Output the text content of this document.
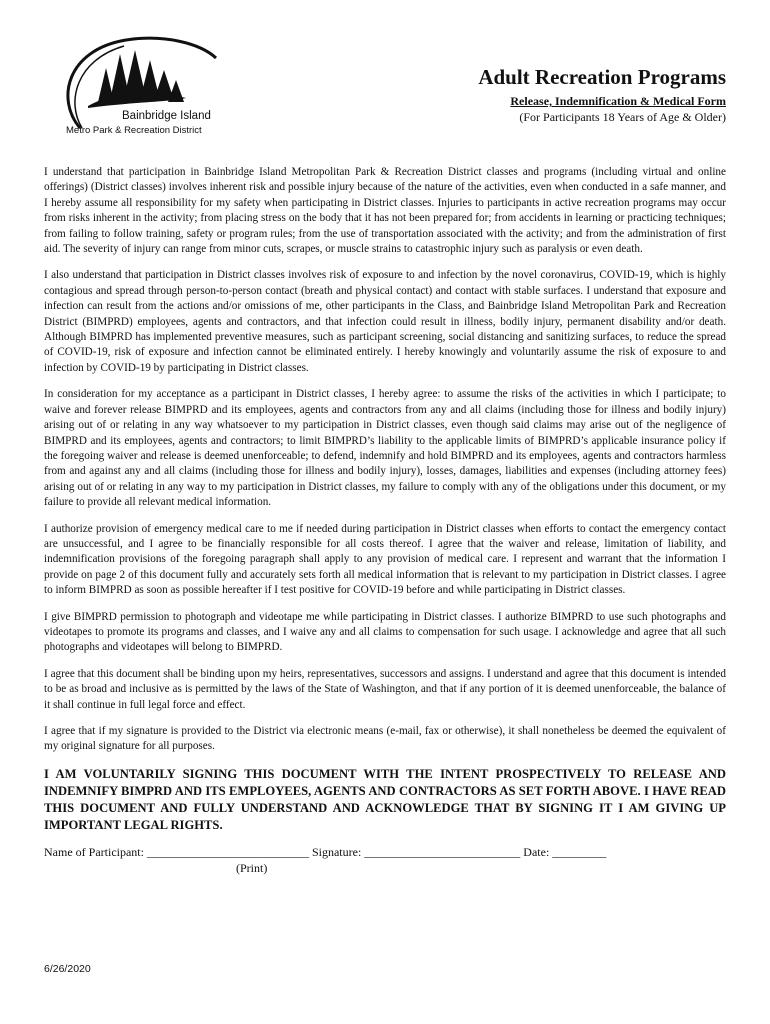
Bainbridge Island
Metro Park & Recreation District
Adult Recreation Programs
Release, Indemnification & Medical Form
(For Participants 18 Years of Age & Older)

I understand that participation in Bainbridge Island Metropolitan Park & Recreation District classes and programs (including virtual and online offerings) (District classes) involves inherent risk and possible injury because of the nature of the activities, even when conducted in a safe manner, and I hereby assume all responsibility for my safety when participating in District classes. Injuries to participants in active recreation programs may occur from risks inherent in the activity; from placing stress on the body that it has not been prepared for; from accidents in learning or practicing techniques; from failing to follow training, safety or program rules; from the use of transportation associated with the activity; and from the administration of first aid. The severity of injury can range from minor cuts, scrapes, or muscle strains to catastrophic injury such as paralysis or even death.

I also understand that participation in District classes involves risk of exposure to and infection by the novel coronavirus, COVID-19, which is highly contagious and spread through person-to-person contact (breath and physical contact) and contact with stable surfaces. I understand that exposure and infection can result from the actions and/or omissions of me, other participants in the Class, and Bainbridge Island Metropolitan Park and Recreation District (BIMPRD) employees, agents and contractors, and that infection could result in illness, bodily injury, permanent disability and/or death. Although BIMPRD has implemented preventive measures, such as participant screening, social distancing and sanitizing surfaces, to reduce the spread of COVID-19, risk of exposure and infection cannot be eliminated entirely. I hereby knowingly and voluntarily assume the risk of exposure to and infection by COVID-19 by participating in District classes.

In consideration for my acceptance as a participant in District classes, I hereby agree: to assume the risks of the activities in which I participate; to waive and forever release BIMPRD and its employees, agents and contractors from any and all claims (including those for illness and bodily injury) arising out of or relating in any way whatsoever to my participation in District classes, even though said claims may arise out of the negligence of BIMPRD and its employees, agents and contractors; to limit BIMPRD’s liability to the applicable limits of BIMPRD’s applicable insurance policy if the foregoing waiver and release is deemed unenforceable; to defend, indemnify and hold BIMPRD and its employees, agents and contractors harmless from and against any and all claims (including those for illness and bodily injury), losses, damages, liabilities and expenses (including attorney fees) arising out of or relating in any way to my participation in District classes, my failure to comply with any of the obligations under this document, or my failure to provide all relevant medical information.

I authorize provision of emergency medical care to me if needed during participation in District classes when efforts to contact the emergency contact are unsuccessful, and I agree to be financially responsible for all costs thereof. I agree that the waiver and release, limitation of liability, and indemnification provisions of the foregoing paragraph shall apply to any provision of medical care. I represent and warrant that the information I provide on page 2 of this document fully and accurately sets forth all medical information that is relevant to my participation in District classes. I agree to inform BIMPRD as soon as possible hereafter if I test positive for COVID-19 before and while participating in District classes.

I give BIMPRD permission to photograph and videotape me while participating in District classes. I authorize BIMPRD to use such photographs and videotapes to promote its programs and classes, and I waive any and all claims to compensation for such usage. I acknowledge and agree that all such photographs and videotapes will belong to BIMPRD.

I agree that this document shall be binding upon my heirs, representatives, successors and assigns. I understand and agree that this document is intended to be as broad and inclusive as is permitted by the laws of the State of Washington, and that if any portion of it is deemed unenforceable, the balance of it shall continue in full legal force and effect.

I agree that if my signature is provided to the District via electronic means (e-mail, fax or otherwise), it shall nonetheless be deemed the equivalent of my original signature for all purposes.

I AM VOLUNTARILY SIGNING THIS DOCUMENT WITH THE INTENT PROSPECTIVELY TO RELEASE AND INDEMNIFY BIMPRD AND ITS EMPLOYEES, AGENTS AND CONTRACTORS AS SET FORTH ABOVE. I HAVE READ THIS DOCUMENT AND FULLY UNDERSTAND AND ACKNOWLEDGE THAT BY SIGNING IT I AM GIVING UP IMPORTANT LEGAL RIGHTS.

Name of Participant: ___________________________ Signature: __________________________ Date: _________
(Print)
6/26/2020
